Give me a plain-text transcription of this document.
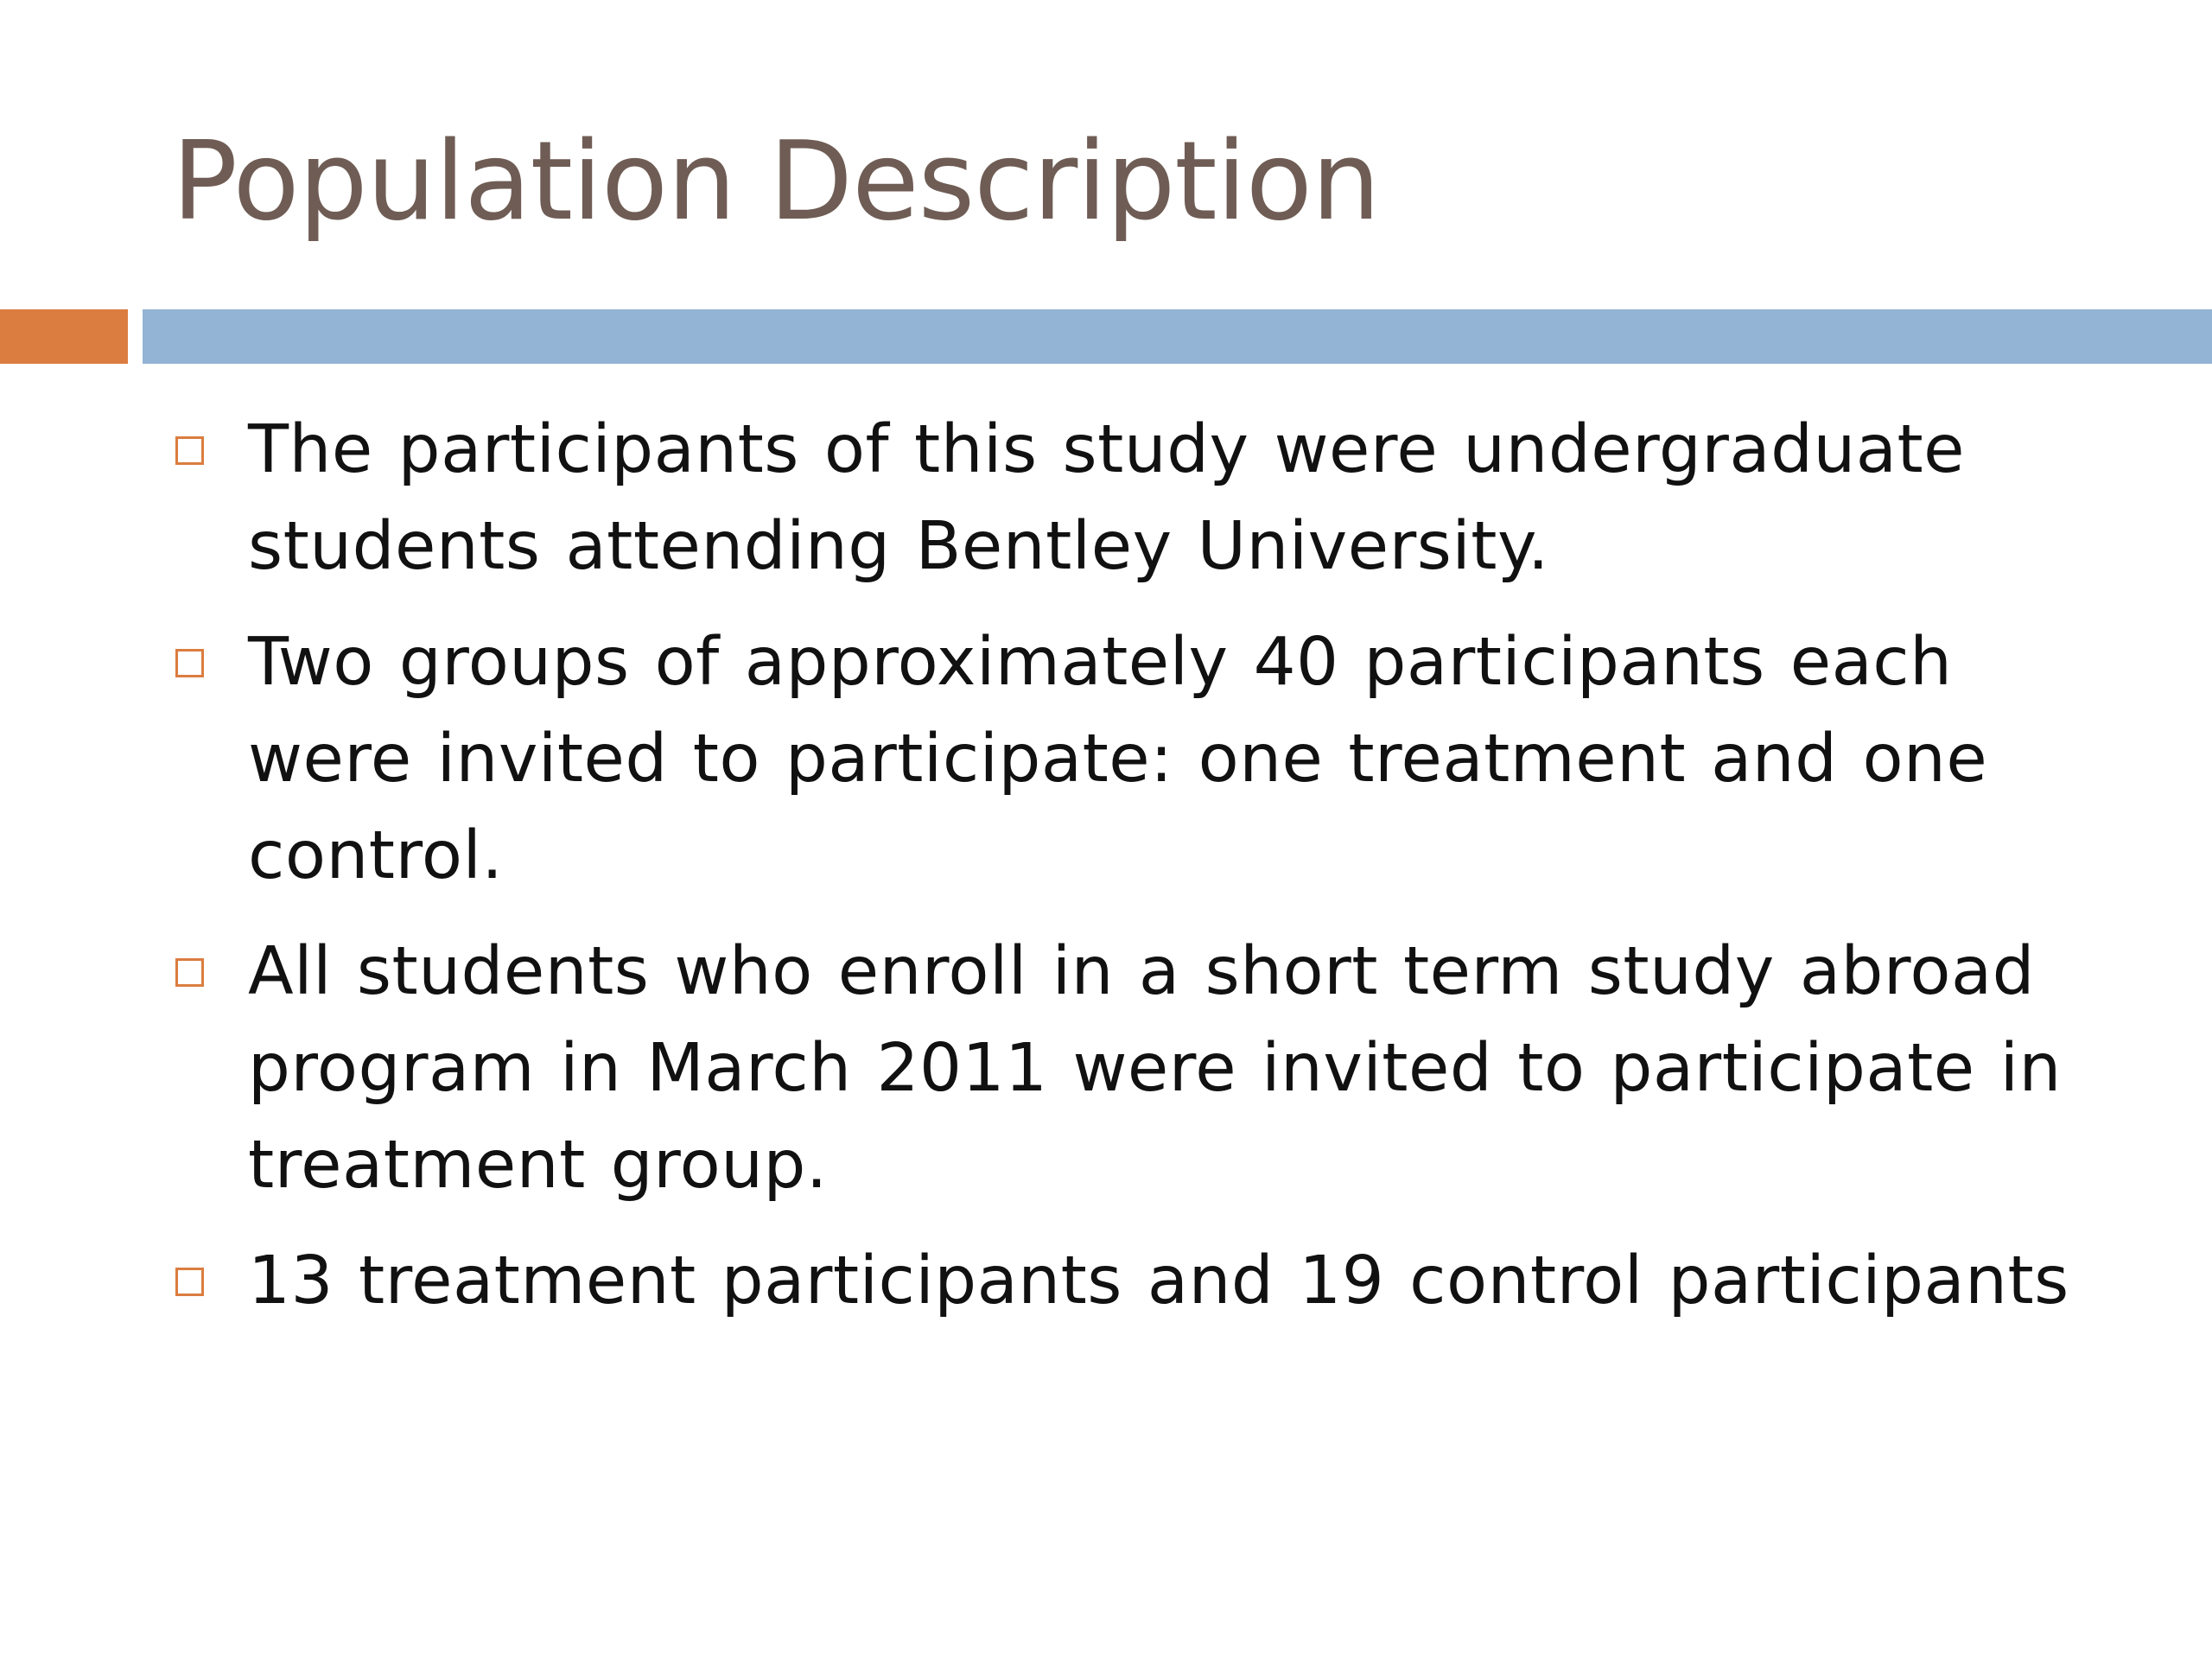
Population Description
The participants of this study were undergraduate students attending Bentley University.
Two groups of approximately 40 participants each were invited to participate: one treatment and one control.
All students who enroll in a short term study abroad program in March 2011 were invited to participate in treatment group.
13 treatment participants and 19 control participants
